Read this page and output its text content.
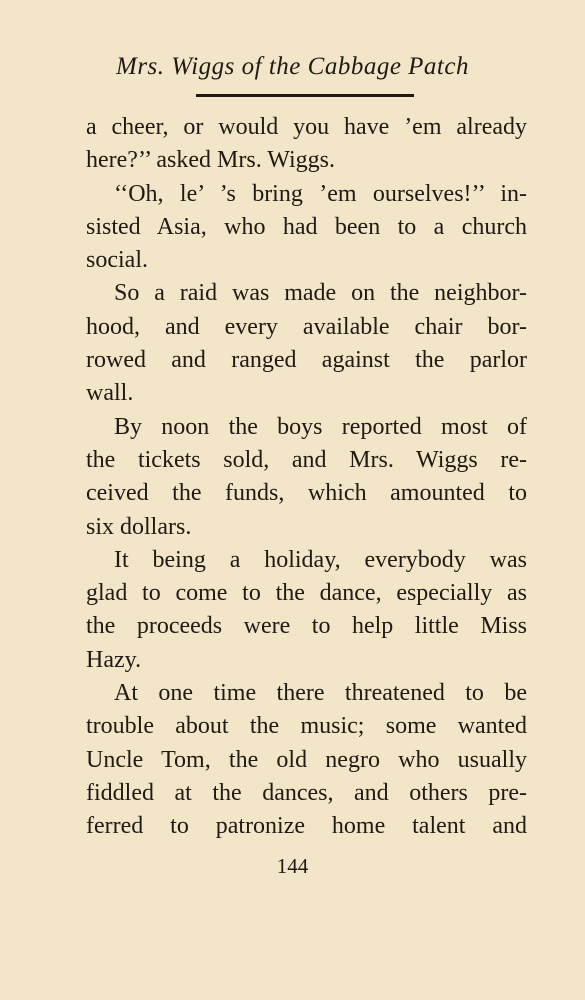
Mrs. Wiggs of the Cabbage Patch
a cheer, or would you have ’em already
here?’’ asked Mrs. Wiggs.
‘‘Oh, le’ ’s bring ’em ourselves!’’ in-
sisted Asia, who had been to a church
social.
So a raid was made on the neighbor-
hood, and every available chair bor-
rowed and ranged against the parlor
wall.
By noon the boys reported most of
the tickets sold, and Mrs. Wiggs re-
ceived the funds, which amounted to
six dollars.
It being a holiday, everybody was
glad to come to the dance, especially as
the proceeds were to help little Miss
Hazy.
At one time there threatened to be
trouble about the music; some wanted
Uncle Tom, the old negro who usually
fiddled at the dances, and others pre-
ferred to patronize home talent and
144
